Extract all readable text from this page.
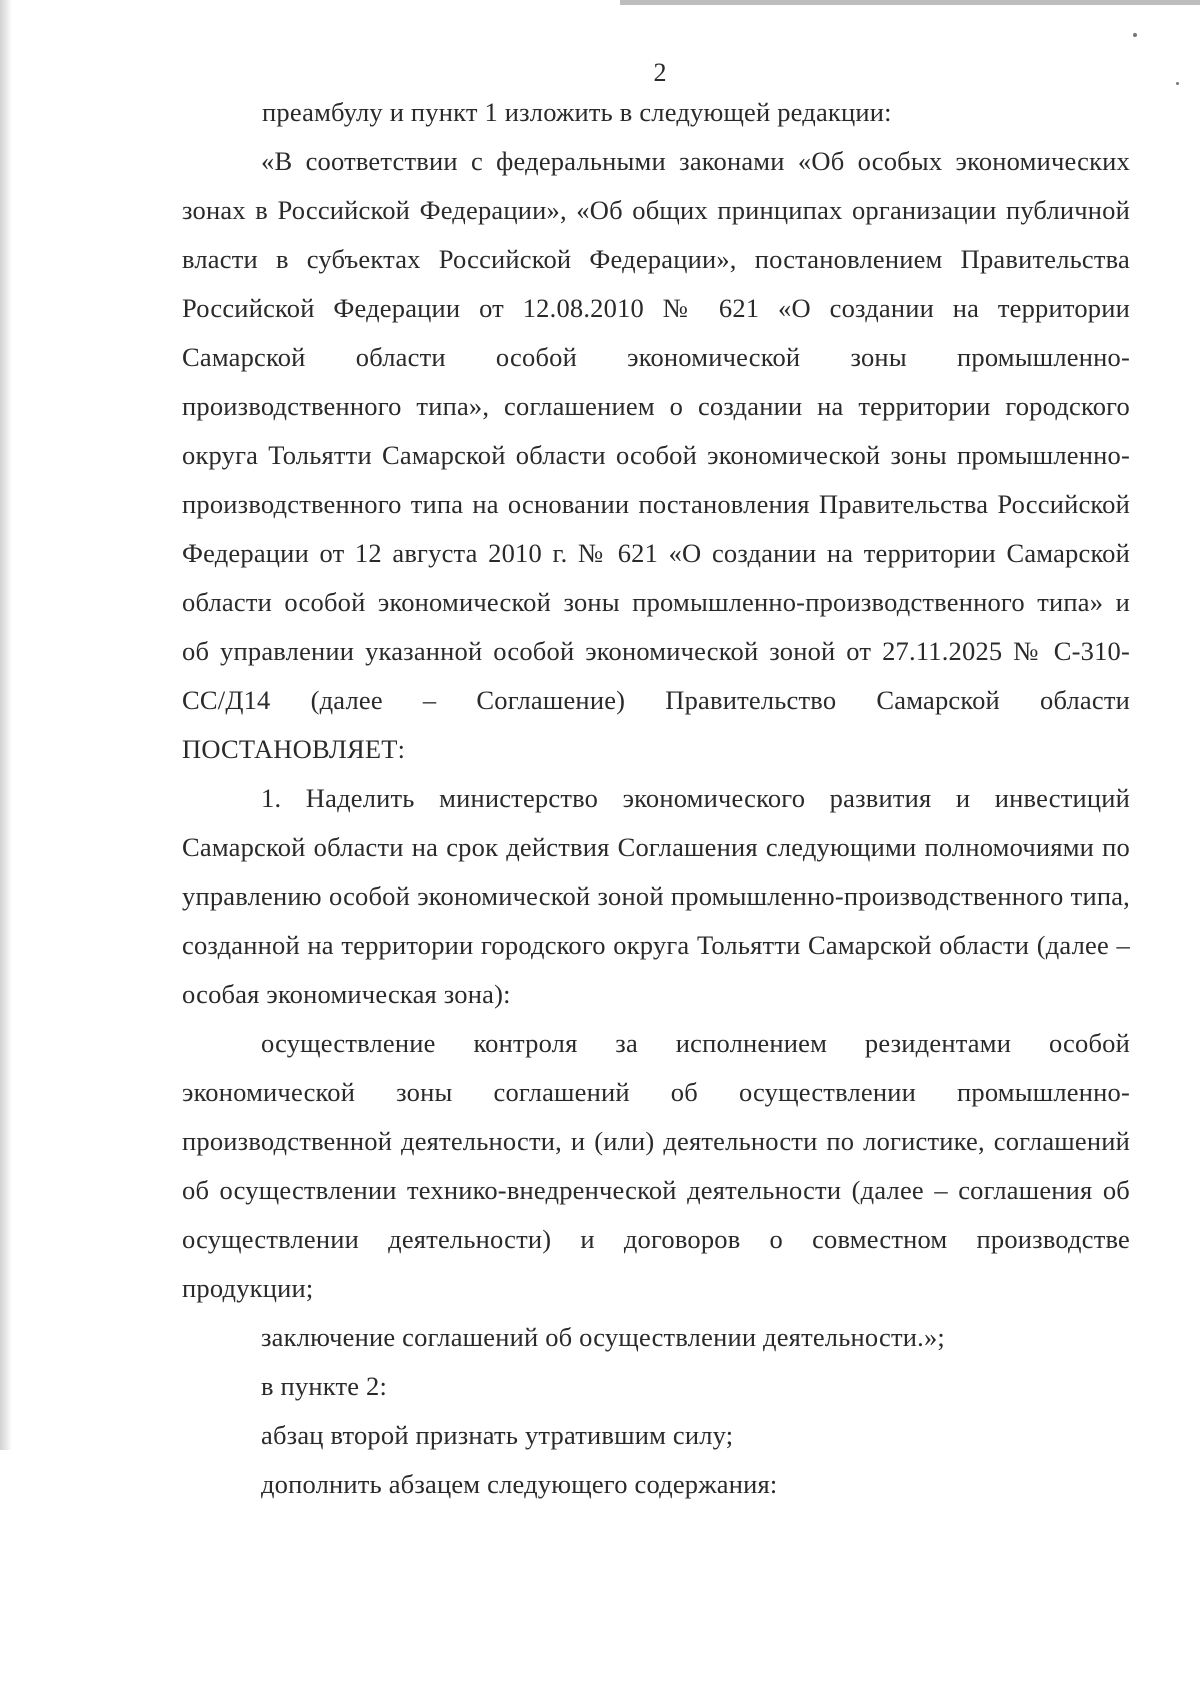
2

преамбулу и пункт 1 изложить в следующей редакции:

«В соответствии с федеральными законами «Об особых экономических зонах в Российской Федерации», «Об общих принципах организации публичной власти в субъектах Российской Федерации», постановлением Правительства Российской Федерации от 12.08.2010 № 621 «О создании на территории Самарской области особой экономической зоны промышленно-производственного типа», соглашением о создании на территории городского округа Тольятти Самарской области особой экономической зоны промышленно-производственного типа на основании постановления Правительства Российской Федерации от 12 августа 2010 г. № 621 «О создании на территории Самарской области особой экономической зоны промышленно-производственного типа» и об управлении указанной особой экономической зоной от 27.11.2025 № С-310-СС/Д14 (далее – Соглашение) Правительство Самарской области ПОСТАНОВЛЯЕТ:

1. Наделить министерство экономического развития и инвестиций Самарской области на срок действия Соглашения следующими полномочиями по управлению особой экономической зоной промышленно-производственного типа, созданной на территории городского округа Тольятти Самарской области (далее – особая экономическая зона):

осуществление контроля за исполнением резидентами особой экономической зоны соглашений об осуществлении промышленно-производственной деятельности, и (или) деятельности по логистике, соглашений об осуществлении технико-внедренческой деятельности (далее – соглашения об осуществлении деятельности) и договоров о совместном производстве продукции;

заключение соглашений об осуществлении деятельности.»;

в пункте 2:

абзац второй признать утратившим силу;

дополнить абзацем следующего содержания:
